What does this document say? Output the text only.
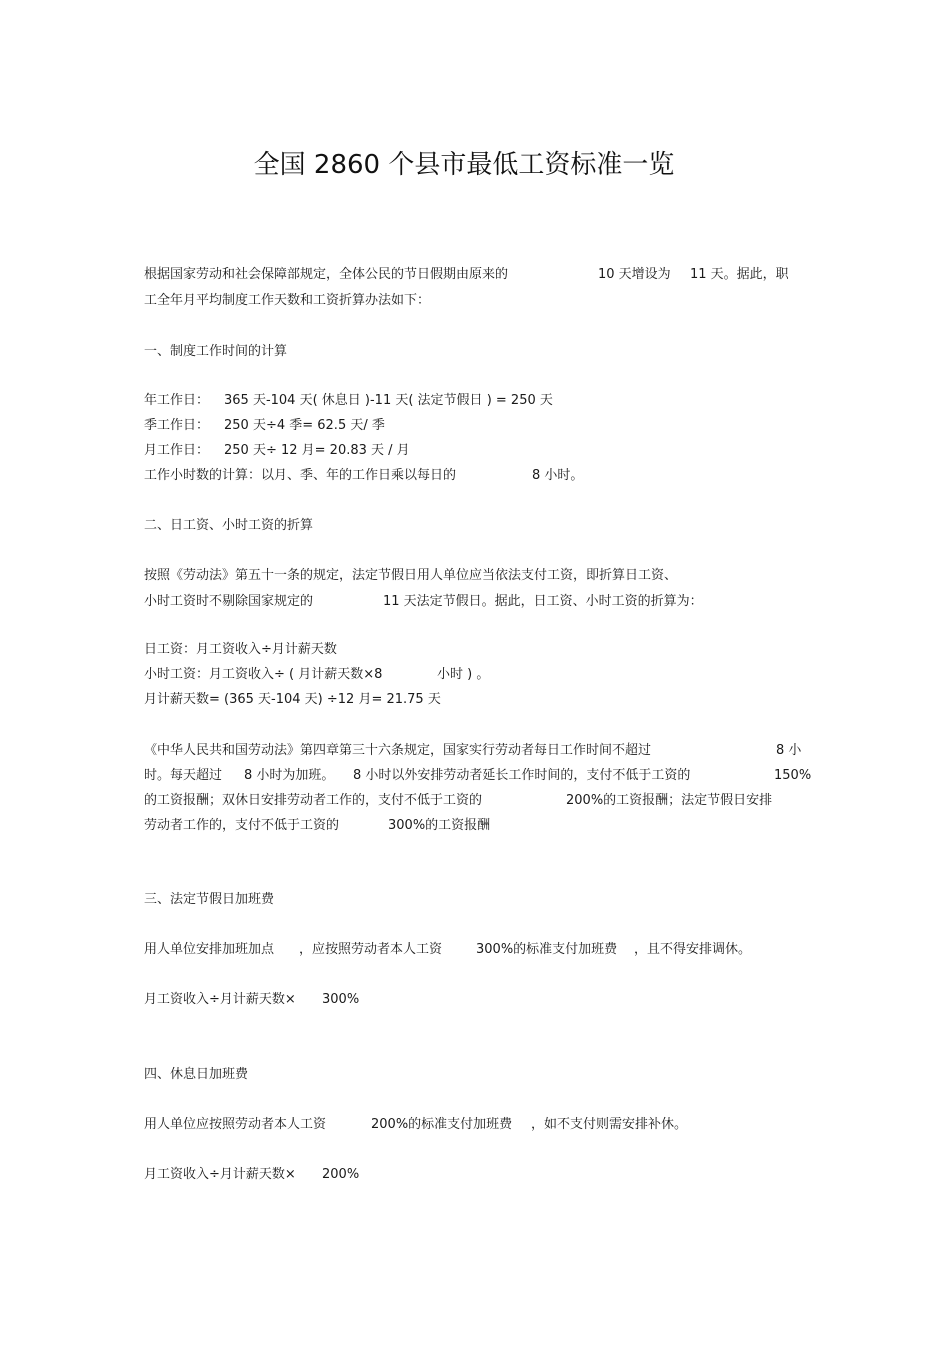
全国 2860 个县市最低工资标准一览
根据国家劳动和社会保障部规定，全体公民的节日假期由原来的	10 天增设为 11 天。据此，职
工全年月平均制度工作天数和工资折算办法如下：
一、制度工作时间的计算
年工作日： 365 天-104 天( 休息日 )-11 天( 法定节假日 ) = 250 天
季工作日： 250 天÷4 季= 62.5 天/ 季
月工作日： 250 天÷ 12 月= 20.83 天 / 月
工作小时数的计算：以月、季、年的工作日乘以每日的	8 小时。
二、日工资、小时工资的折算
按照《劳动法》第五十一条的规定，法定节假日用人单位应当依法支付工资，即折算日工资、
小时工资时不剔除国家规定的	11 天法定节假日。据此，日工资、小时工资的折算为：
日工资：月工资收入÷月计薪天数
小时工资：月工资收入÷ ( 月计薪天数×8	小时 ) 。
月计薪天数= (365 天-104 天) ÷12 月= 21.75 天
《中华人民共和国劳动法》第四章第三十六条规定，国家实行劳动者每日工作时间不超过	8 小
时。每天超过 8 小时为加班。 8 小时以外安排劳动者延长工作时间的，支付不低于工资的	150%
的工资报酬；双休日安排劳动者工作的，支付不低于工资的	200%的工资报酬；法定节假日安排
劳动者工作的，支付不低于工资的	300%的工资报酬
三、法定节假日加班费
用人单位安排加班加点 ，应按照劳动者本人工资	300%的标准支付加班费 ，且不得安排调休。
月工资收入÷月计薪天数× 300%
四、休息日加班费
用人单位应按照劳动者本人工资	200%的标准支付加班费 ，如不支付则需安排补休。
月工资收入÷月计薪天数× 200%
